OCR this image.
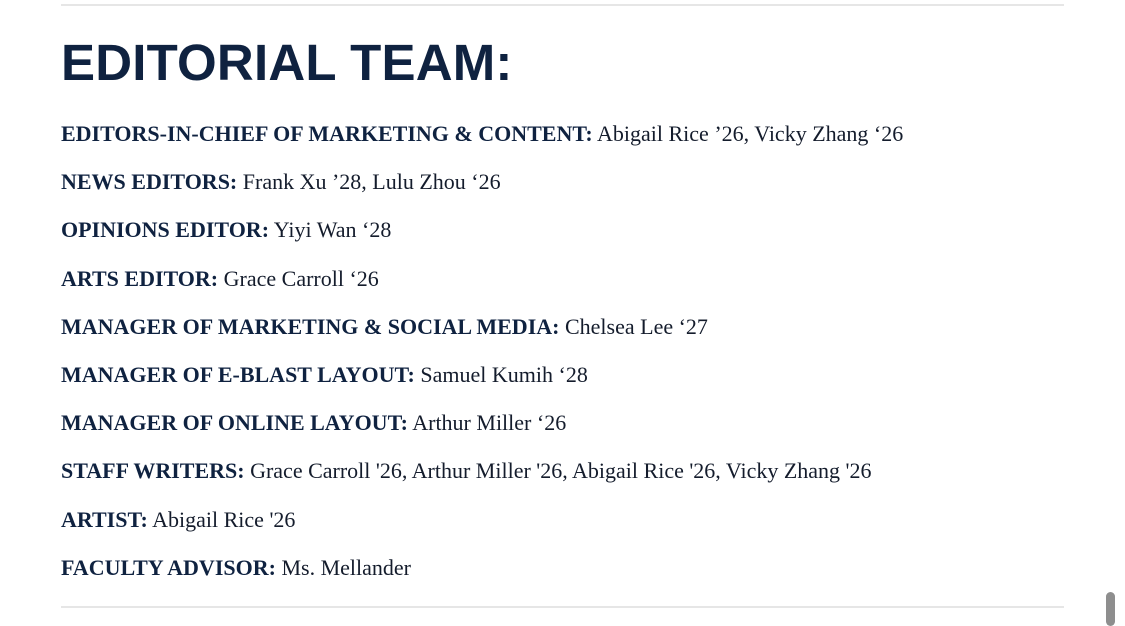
EDITORIAL TEAM:
EDITORS-IN-CHIEF OF MARKETING & CONTENT: Abigail Rice ’26, Vicky Zhang ‘26
NEWS EDITORS: Frank Xu ’28, Lulu Zhou ‘26
OPINIONS EDITOR: Yiyi Wan ‘28
ARTS EDITOR: Grace Carroll ‘26
MANAGER OF MARKETING & SOCIAL MEDIA: Chelsea Lee ‘27
MANAGER OF E-BLAST LAYOUT: Samuel Kumih ‘28
MANAGER OF ONLINE LAYOUT: Arthur Miller ‘26
STAFF WRITERS: Grace Carroll '26, Arthur Miller '26, Abigail Rice '26, Vicky Zhang '26
ARTIST: Abigail Rice '26
FACULTY ADVISOR: Ms. Mellander
